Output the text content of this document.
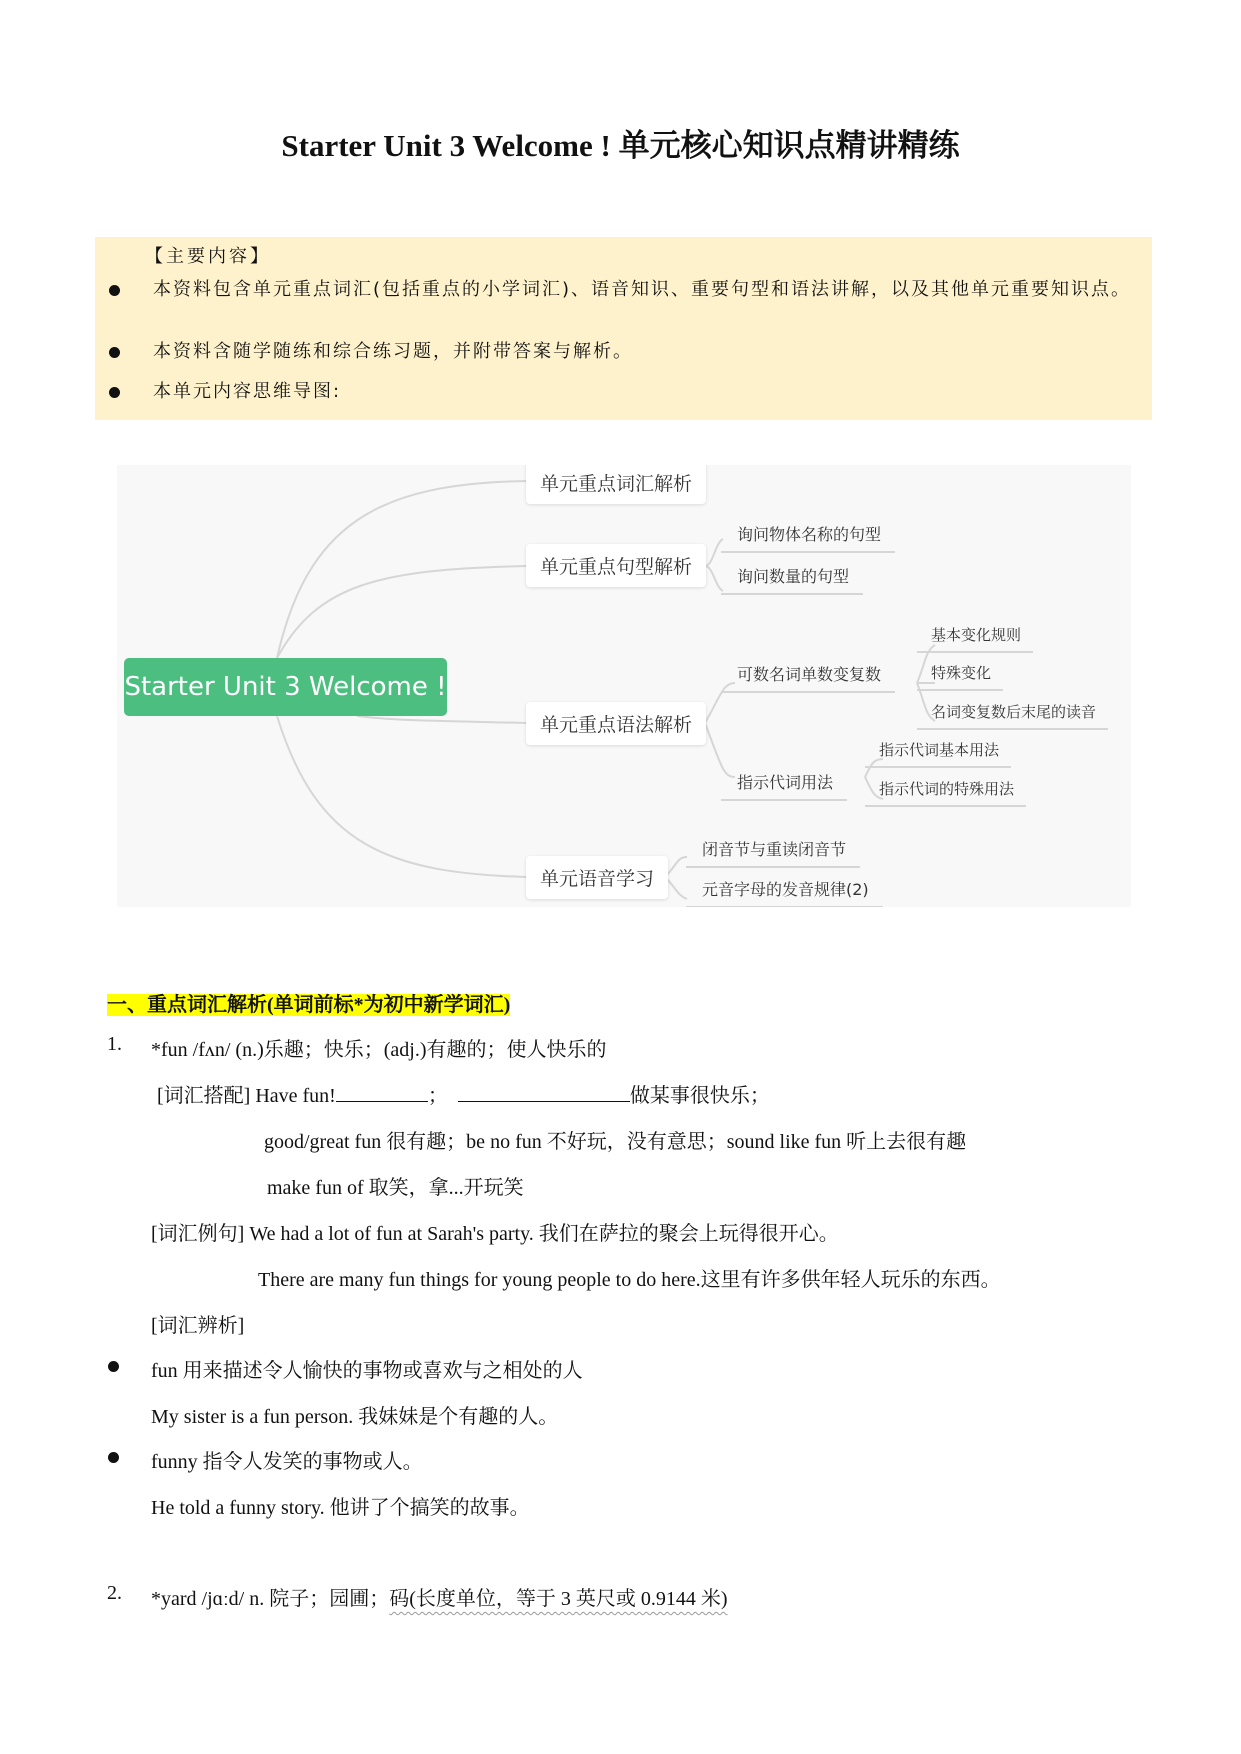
Starter Unit 3 Welcome ! 单元核心知识点精讲精练
【主要内容】
本资料包含单元重点词汇(包括重点的小学词汇)、语音知识、重要句型和语法讲解，以及其他单元重要知识点。
本资料含随学随练和综合练习题，并附带答案与解析。
本单元内容思维导图:
Starter Unit 3 Welcome !
单元重点词汇解析
单元重点句型解析
询问物体名称的句型
询问数量的句型
单元重点语法解析
可数名词单数变复数
基本变化规则
特殊变化
名词变复数后末尾的读音
指示代词用法
指示代词基本用法
指示代词的特殊用法
单元语音学习
闭音节与重读闭音节
元音字母的发音规律(2)
一、重点词汇解析(单词前标*为初中新学词汇)
1. *fun /fʌn/ (n.)乐趣；快乐；(adj.)有趣的；使人快乐的
[词汇搭配] Have fun!	；	做某事很快乐；
good/great fun 很有趣；be no fun 不好玩，没有意思；sound like fun 听上去很有趣
make fun of 取笑，拿...开玩笑
[词汇例句] We had a lot of fun at Sarah's party. 我们在萨拉的聚会上玩得很开心。
There are many fun things for young people to do here.这里有许多供年轻人玩乐的东西。
[词汇辨析]
fun 用来描述令人愉快的事物或喜欢与之相处的人
My sister is a fun person. 我妹妹是个有趣的人。
funny 指令人发笑的事物或人。
He told a funny story. 他讲了个搞笑的故事。
2. *yard /jɑːd/ n. 院子；园圃；码(长度单位，等于 3 英尺或 0.9144 米)
